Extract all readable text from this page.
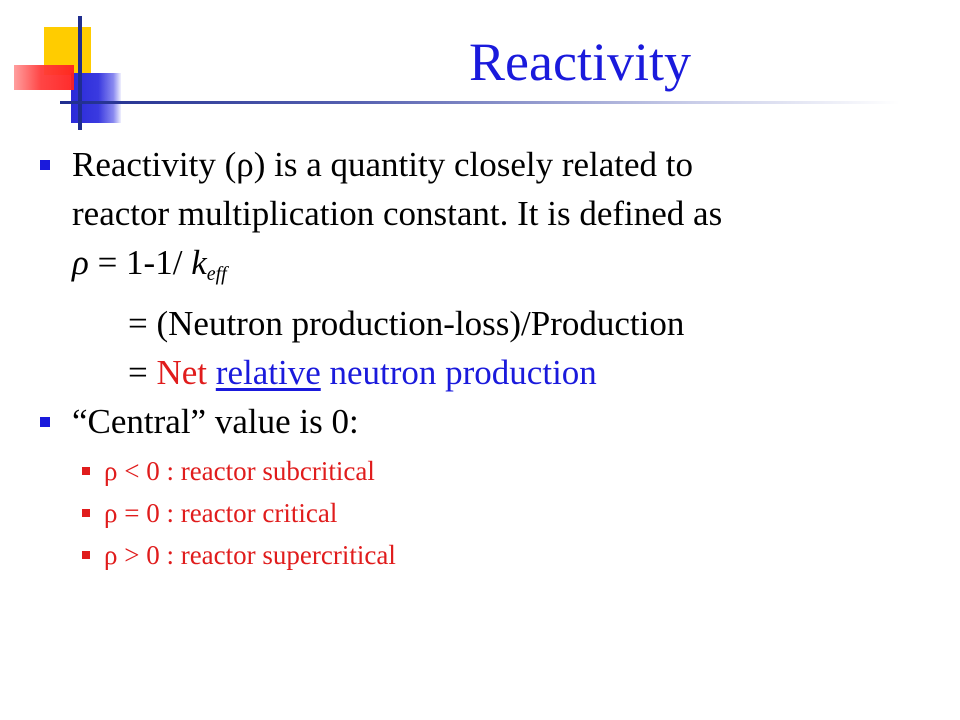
Reactivity
Reactivity (ρ) is a quantity closely related to
reactor multiplication constant. It is defined as
ρ = 1-1/ $k_{eff}$

= (Neutron production-loss)/Production
= Net relative neutron production
“Central” value is 0:
ρ < 0 : reactor subcritical
ρ = 0 : reactor critical
ρ > 0 : reactor supercritical
